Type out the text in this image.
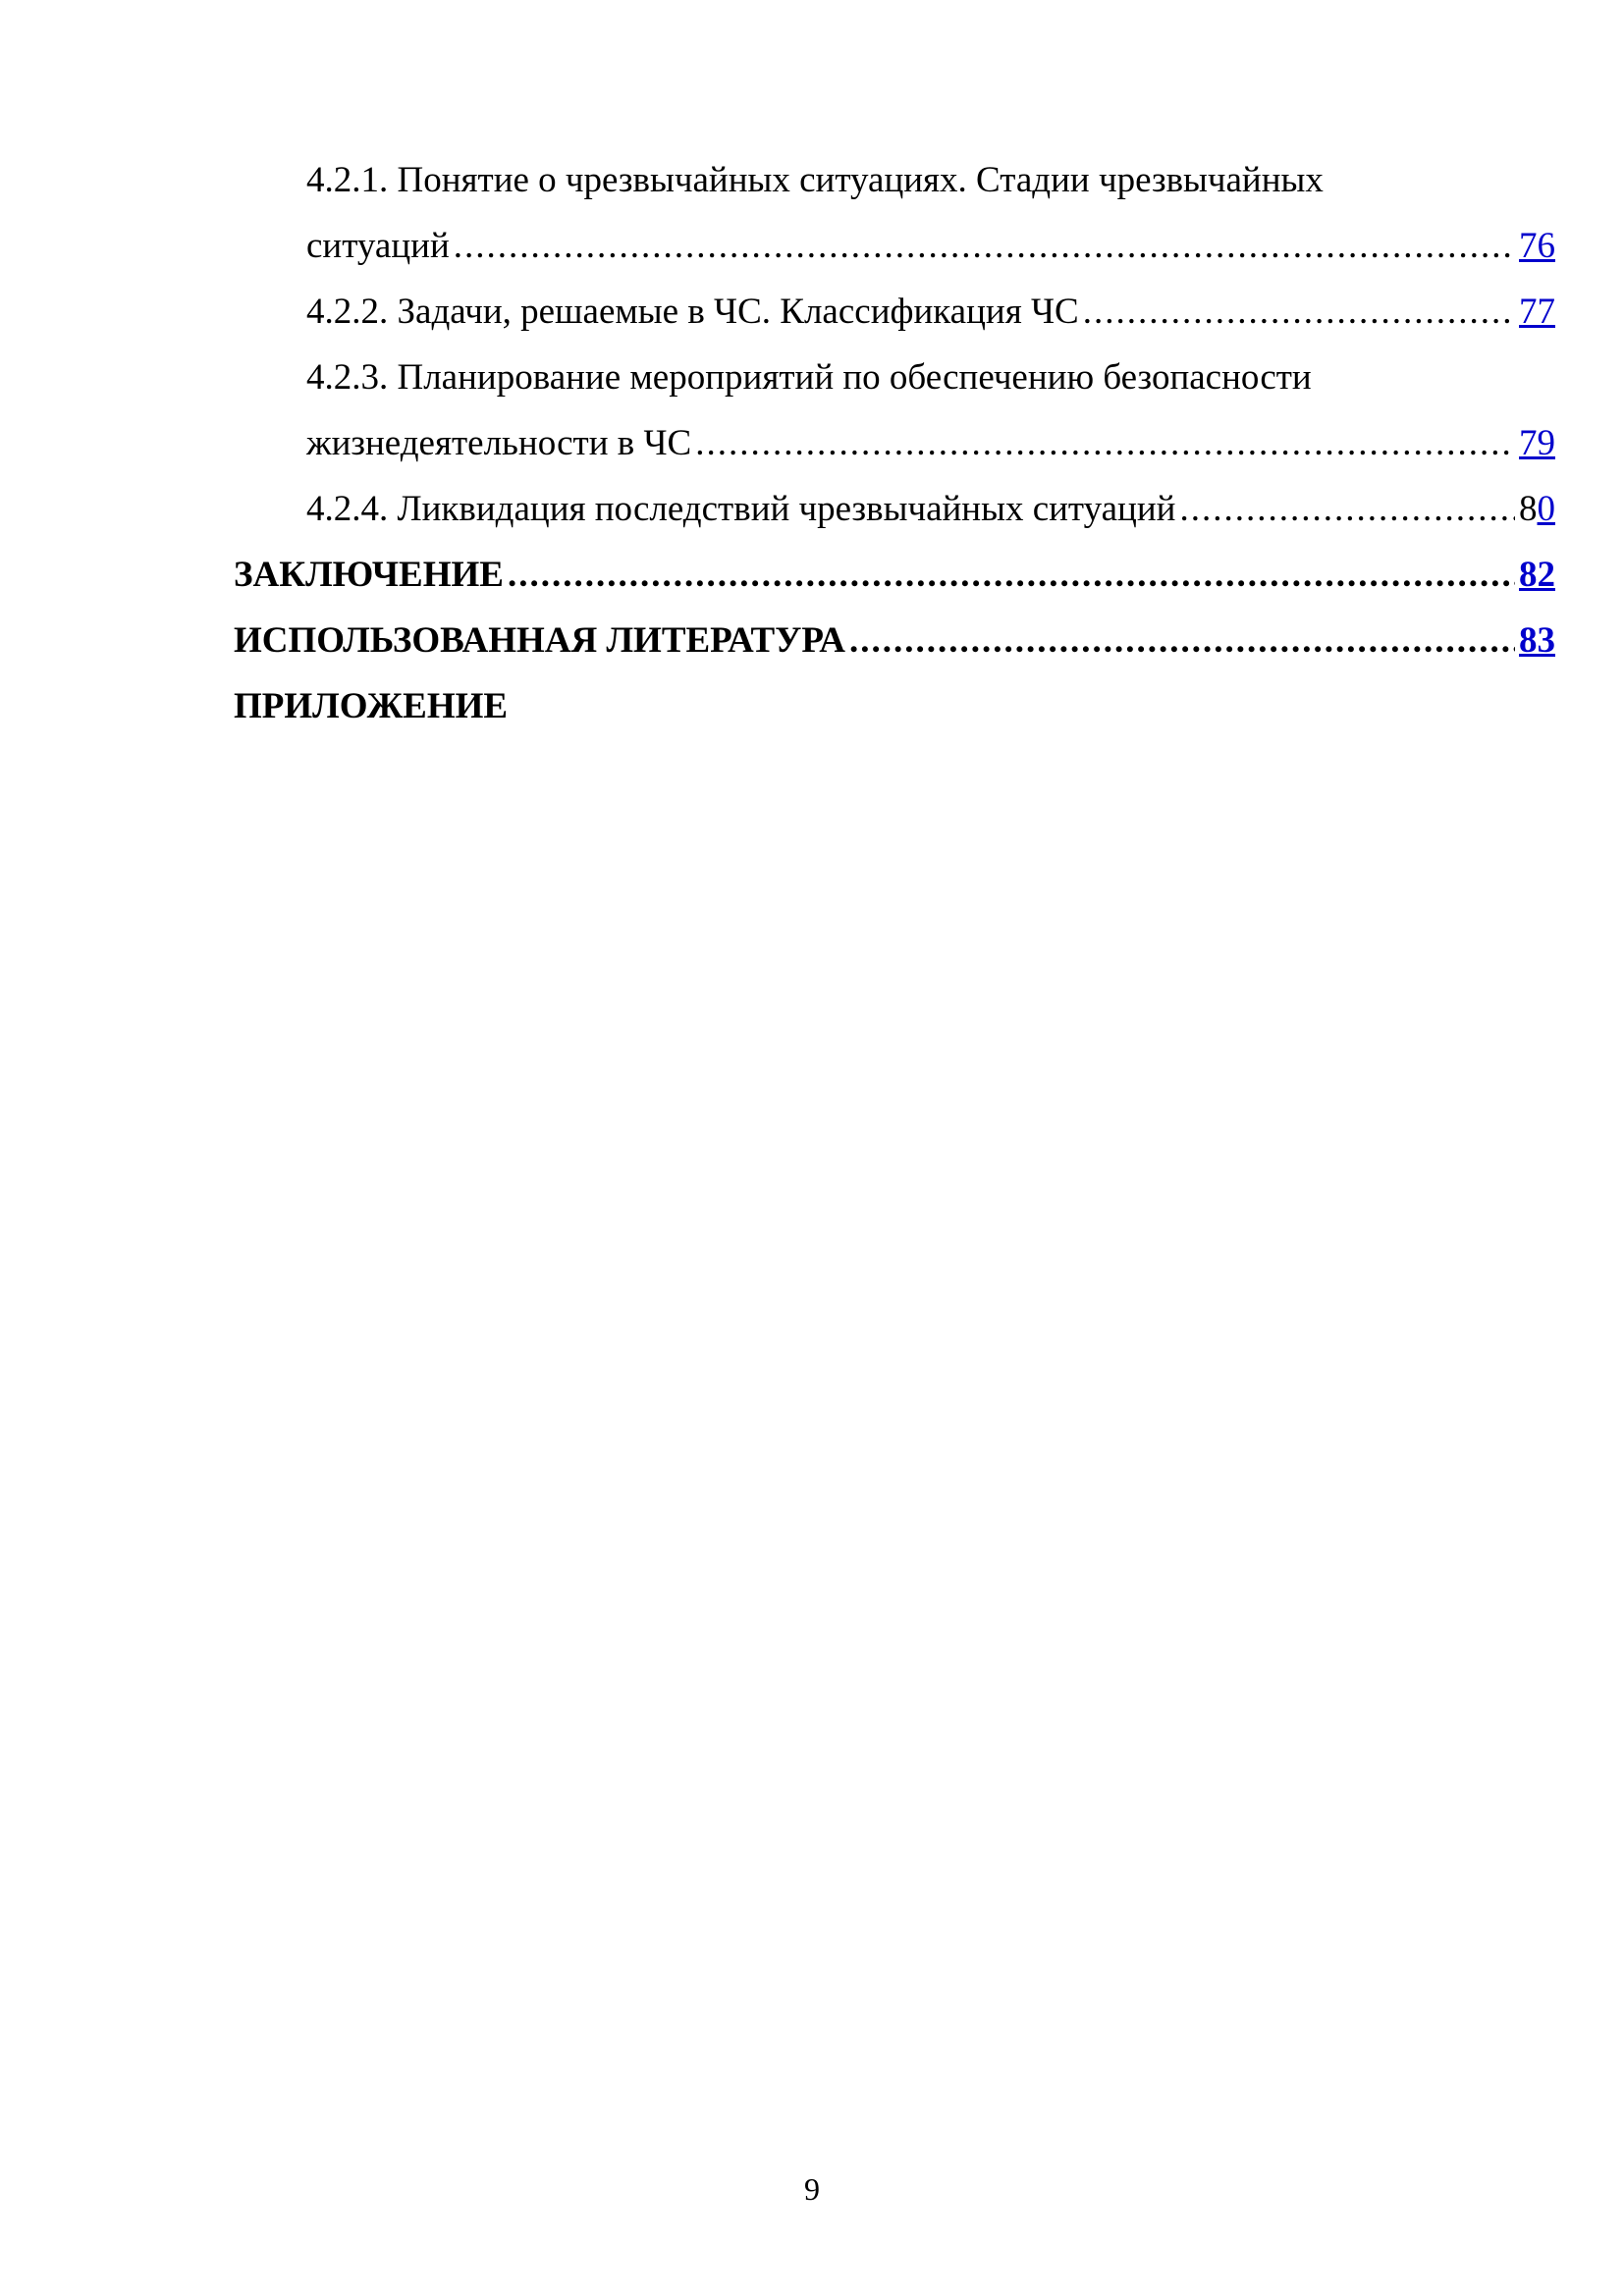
4.2.1. Понятие о чрезвычайных ситуациях. Стадии чрезвычайных
ситуаций .....	76
4.2.2. Задачи, решаемые в ЧС. Классификация ЧС .....	77
4.2.3. Планирование мероприятий по обеспечению безопасности
жизнедеятельности в ЧС .....	79
4.2.4. Ликвидация последствий чрезвычайных ситуаций .....	80
ЗАКЛЮЧЕНИЕ .....	82
ИСПОЛЬЗОВАННАЯ ЛИТЕРАТУРА .....	83
ПРИЛОЖЕНИЕ
9
